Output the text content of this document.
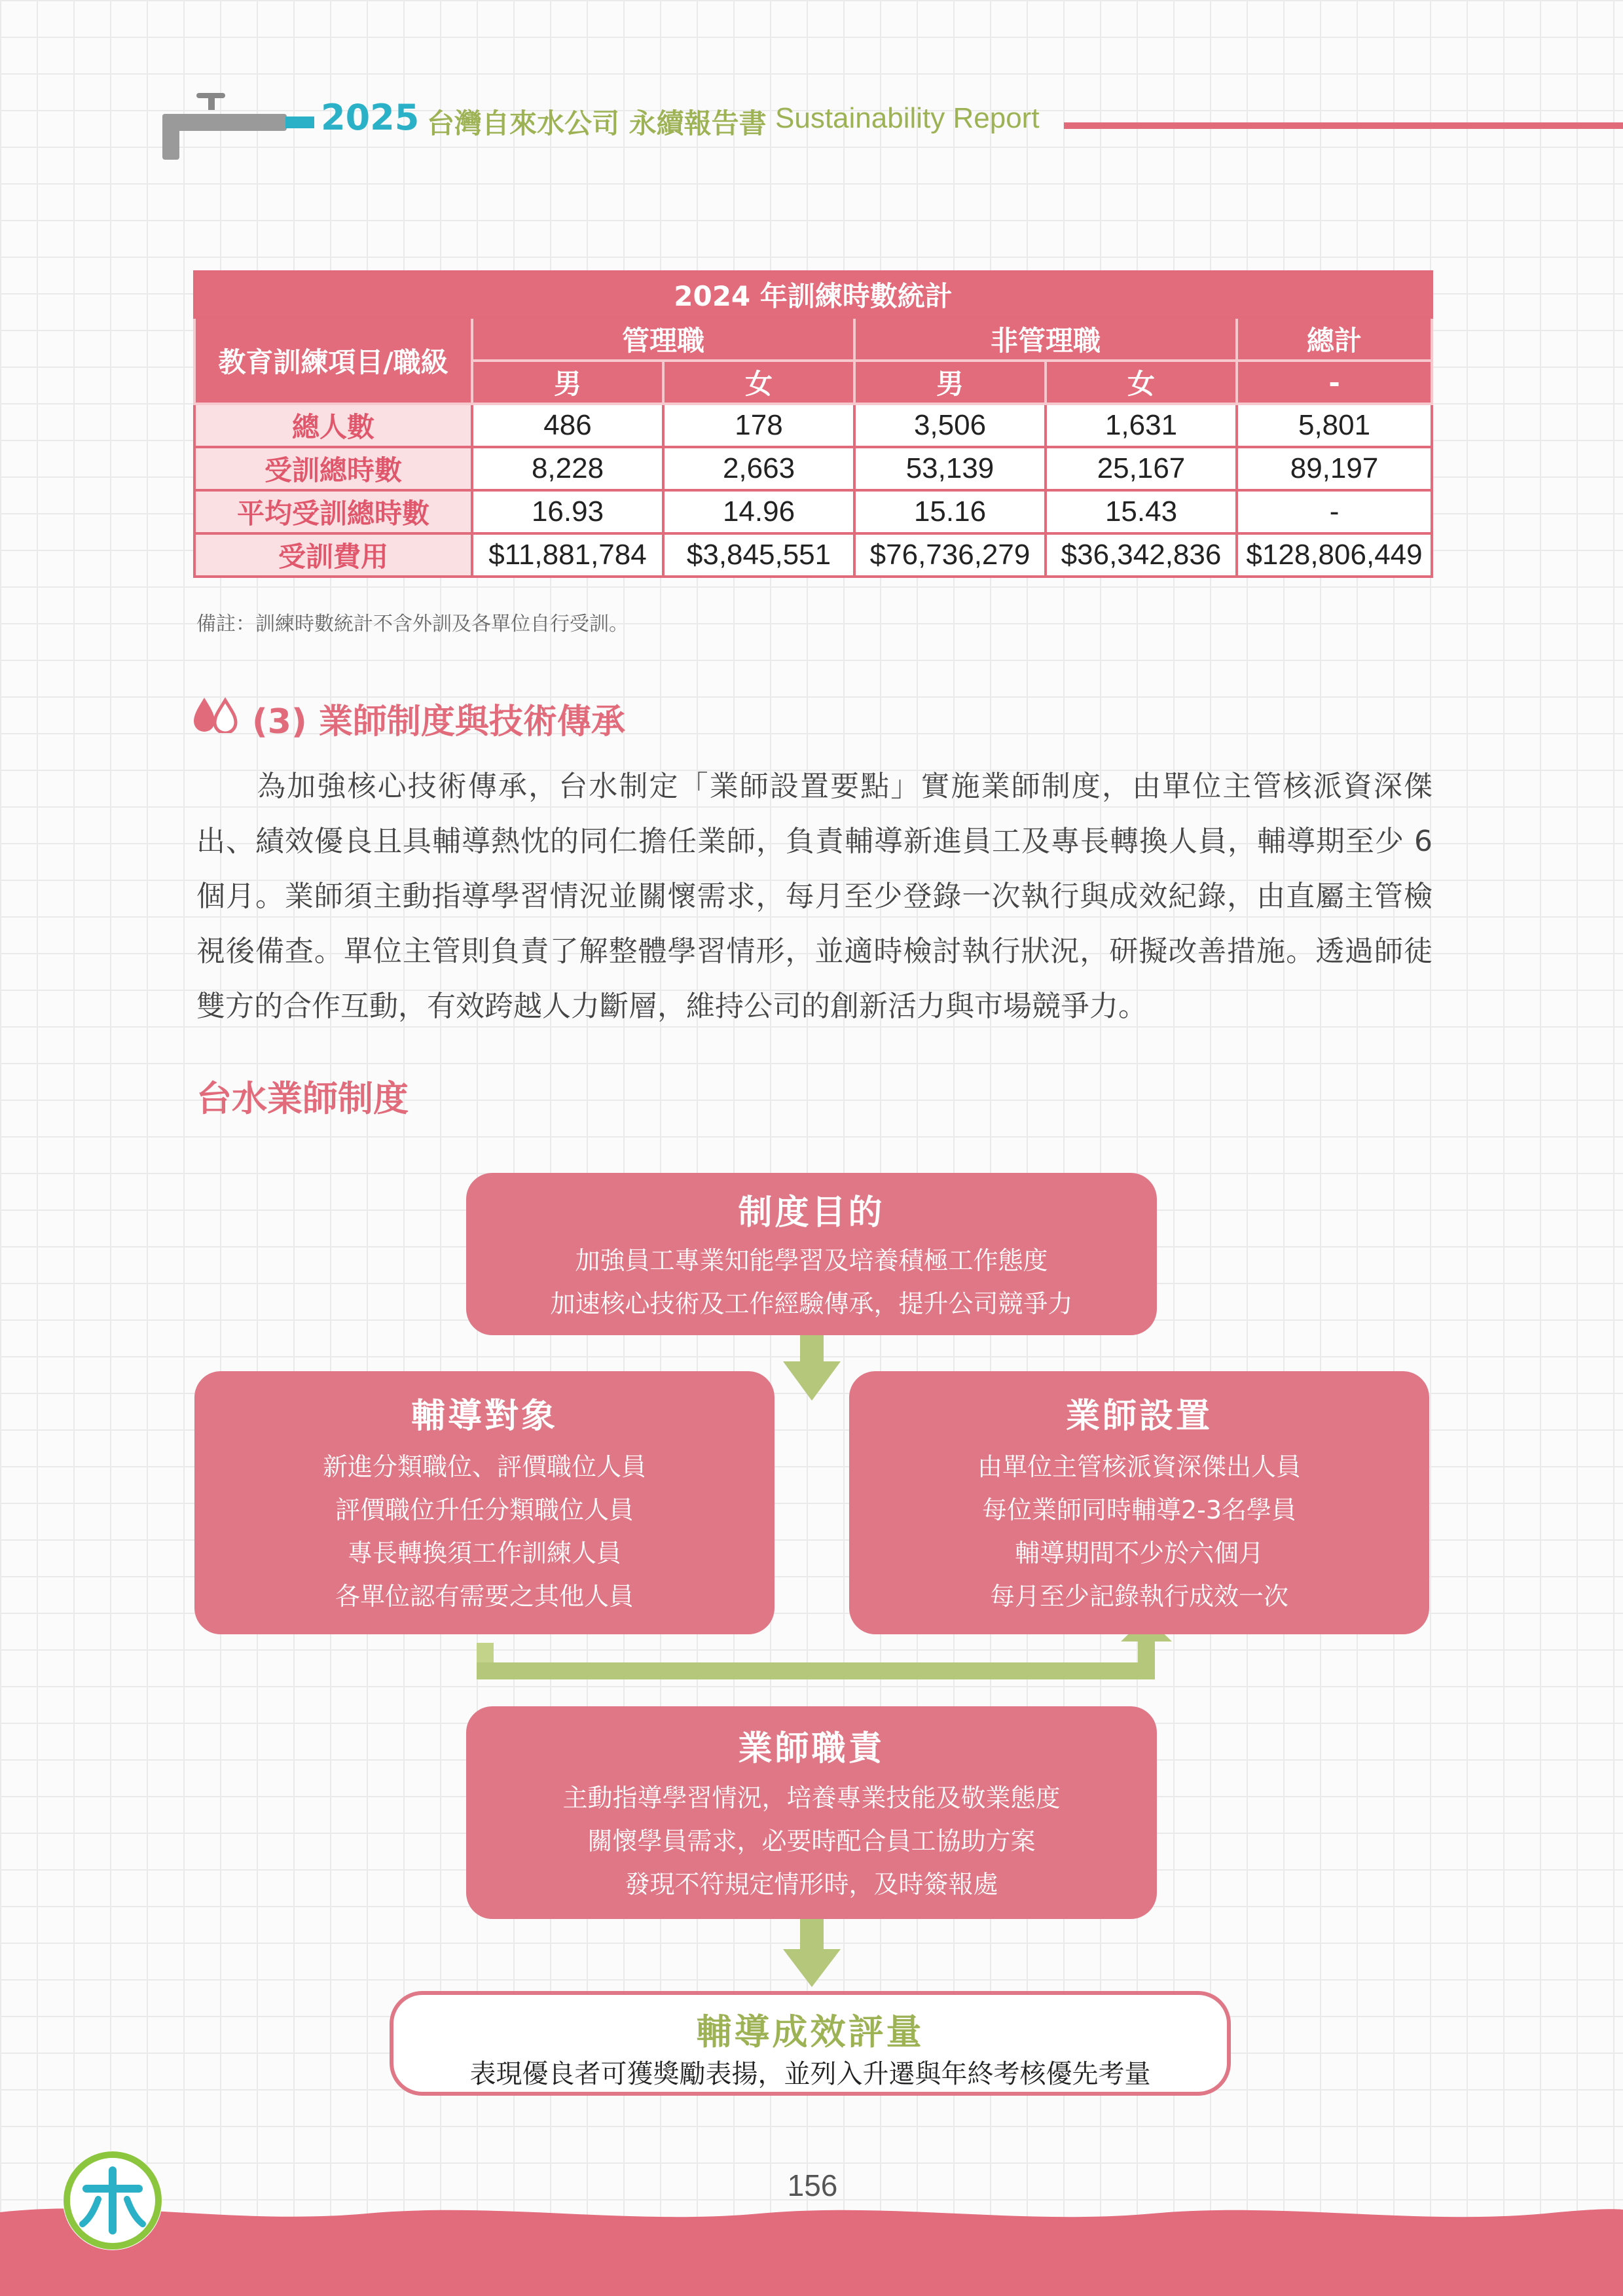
2025 台灣自來水公司 永續報告書 Sustainability Report
2024 年訓練時數統計					
教育訓練項目/職級	管理職		非管理職		總計
	男	女	男	女	-
總人數	486	178	3,506	1,631	5,801
受訓總時數	8,228	2,663	53,139	25,167	89,197
平均受訓總時數	16.93	14.96	15.16	15.43	-
受訓費用	$11,881,784	$3,845,551	$76,736,279	$36,342,836	$128,806,449
備註：訓練時數統計不含外訓及各單位自行受訓。
(3) 業師制度與技術傳承

　　為加強核心技術傳承，台水制定「業師設置要點」實施業師制度，由單位主管核派資深傑出、績效優良且具輔導熱忱的同仁擔任業師，負責輔導新進員工及專長轉換人員，輔導期至少 6 個月。業師須主動指導學習情況並關懷需求，每月至少登錄一次執行與成效紀錄，由直屬主管檢視後備查。單位主管則負責了解整體學習情形，並適時檢討執行狀況，研擬改善措施。透過師徒雙方的合作互動，有效跨越人力斷層，維持公司的創新活力與市場競爭力。

台水業師制度
制度目的
加強員工專業知能學習及培養積極工作態度
加速核心技術及工作經驗傳承，提升公司競爭力
輔導對象
新進分類職位、評價職位人員
評價職位升任分類職位人員
專長轉換須工作訓練人員
各單位認有需要之其他人員
業師設置
由單位主管核派資深傑出人員
每位業師同時輔導2-3名學員
輔導期間不少於六個月
每月至少記錄執行成效一次
業師職責
主動指導學習情況，培養專業技能及敬業態度
關懷學員需求，必要時配合員工協助方案
發現不符規定情形時，及時簽報處
輔導成效評量
表現優良者可獲獎勵表揚，並列入升遷與年終考核優先考量
156
